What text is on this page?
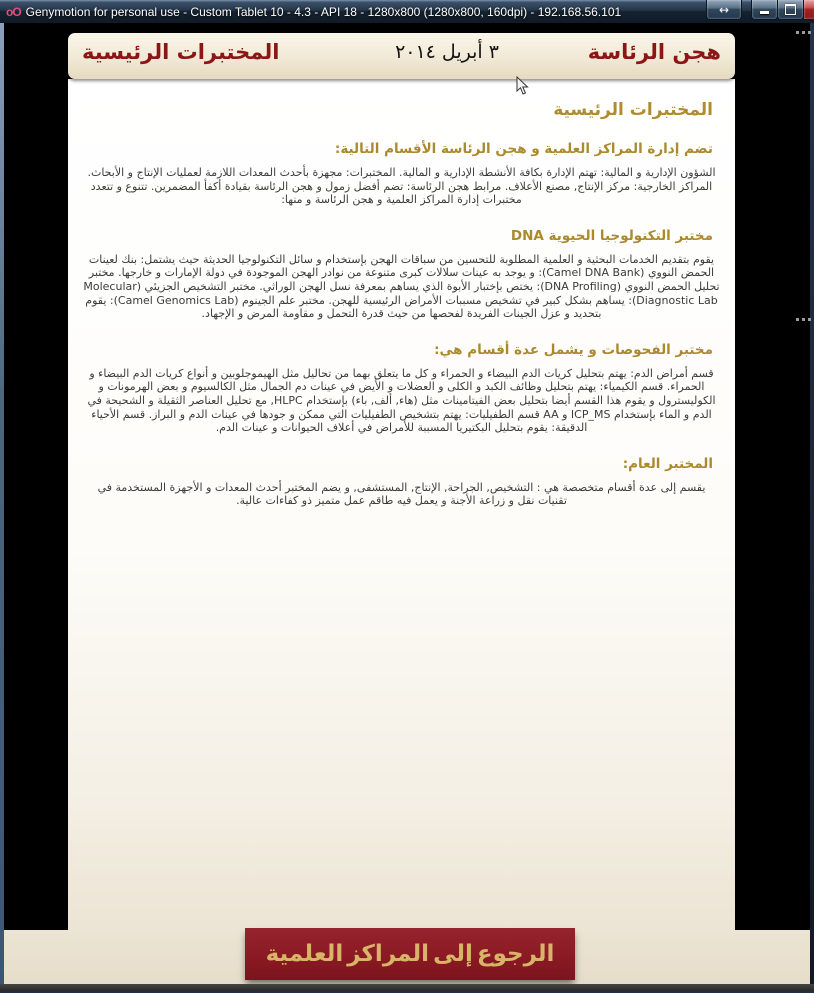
oO Genymotion for personal use - Custom Tablet 10 - 4.3 - API 18 - 1280x800 (1280x800, 160dpi) - 192.168.56.101	↔
هجن الرئاسة
٣ أبريل ٢٠١٤
المختبرات الرئيسية
المختبرات الرئيسية
تضم إدارة المراكز العلمية و هجن الرئاسة الأقسام التالية:
الشؤون الإدارية و المالية: تهتم الإدارة بكافة الأنشطة الإدارية و المالية. المختبرات: مجهزة بأحدث المعدات اللازمة لعمليات الإنتاج و الأبحاث. المراكز الخارجية: مركز الإنتاج, مصنع الأعلاف. مرابط هجن الرئاسة: تضم أفضل زمول و هجن الرئاسة بقيادة أكفأ المضمرين. تتنوع و تتعدد مختبرات إدارة المراكز العلمية و هجن الرئاسة و منها:
مختبر التكنولوجيا الحيوية DNA
يقوم بتقديم الخدمات البحثية و العلمية المطلوبة للتحسين من سباقات الهجن بإستخدام و سائل التكنولوجيا الحديثة حيث يشتمل: بنك لعينات الحمض النووي (Camel DNA Bank): و يوجد به عينات سلالات كبرى متنوعة من نوادر الهجن الموجودة في دولة الإمارات و خارجها. مختبر تحليل الحمض النووي (DNA Profiling): يختص بإختبار الأبوة الذي يساهم بمعرفة نسل الهجن الوراثي. مختبر التشخيص الجزيئي (Molecular Diagnostic Lab): يساهم بشكل كبير في تشخيص مسببات الأمراض الرئيسية للهجن. مختبر علم الجينوم (Camel Genomics Lab): يقوم بتحديد و عزل الجينات الفريدة لفحصها من حيث قدرة التحمل و مقاومة المرض و الإجهاد.
مختبر الفحوصات و يشمل عدة أقسام هي:
قسم أمراض الدم: يهتم بتحليل كريات الدم البيضاء و الحمراء و كل ما يتعلق بهما من تحاليل مثل الهيموجلوبين و أنواع كريات الدم البيضاء و الحمراء. قسم الكيمياء: يهتم بتحليل وظائف الكبد و الكلى و العضلات و الأيض في عينات دم الجمال مثل الكالسيوم و بعض الهرمونات و الكوليسترول و يقوم هذا القسم أيضا بتحليل بعض الفيتامينات مثل (هاء, ألف, باء) بإستخدام HLPC, مع تحليل العناصر الثقيلة و الشحيحة في الدم و الماء بإستخدام ICP_MS و AA قسم الطفيليات: يهتم بتشخيص الطفيليات التي ممكن و جودها في عينات الدم و البراز. قسم الأحياء الدقيقة: يقوم بتحليل البكتيريا المسببة للأمراض في أعلاف الحيوانات و عينات الدم.
المختبر العام:
يقسم إلى عدة أقسام متخصصة هي : التشخيص, الجراحة, الإنتاج, المستشفى, و يضم المختبر أحدث المعدات و الأجهزة المستخدمة في تقنيات نقل و زراعة الأجنة و يعمل فيه طاقم عمل متميز ذو كفاءات عالية.
الرجوع إلى المراكز العلمية
